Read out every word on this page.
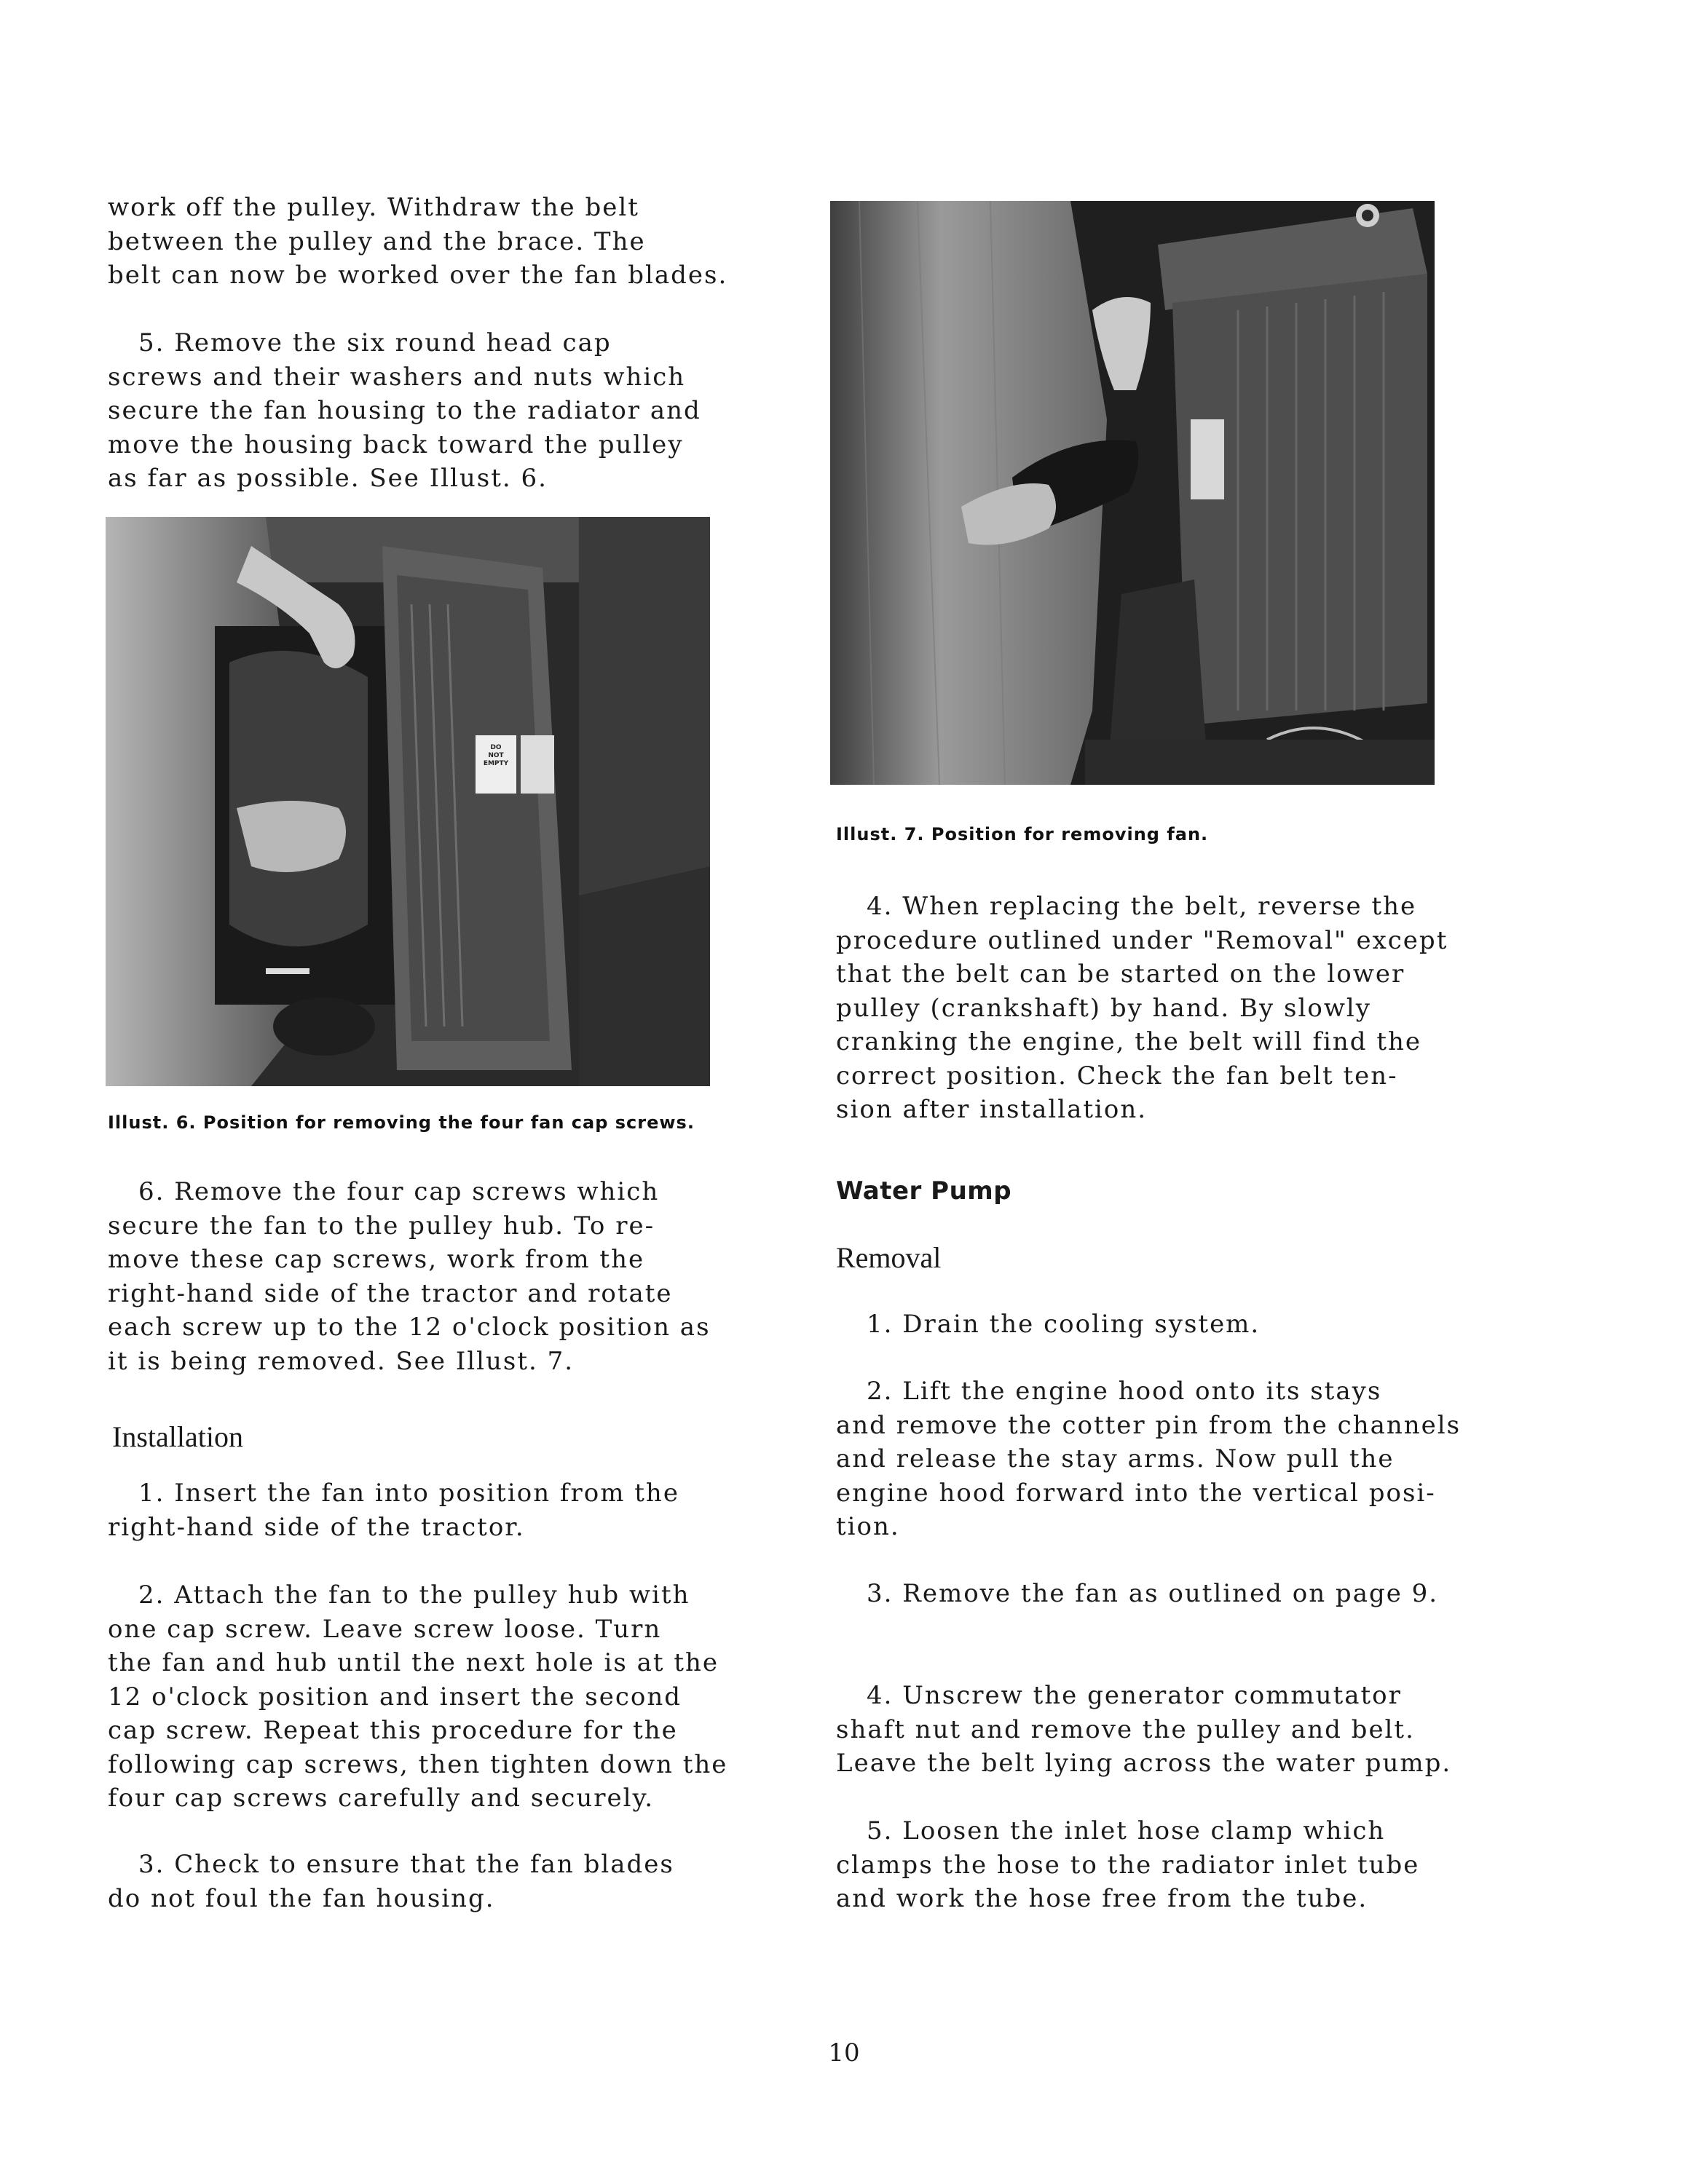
work off the pulley. Withdraw the belt
between the pulley and the brace. The
belt can now be worked over the fan blades.

5. Remove the six round head cap
screws and their washers and nuts which
secure the fan housing to the radiator and
move the housing back toward the pulley
as far as possible. See Illust. 6.

DO
NOT
EMPTY
Illust. 6. Position for removing the four fan cap screws.

6. Remove the four cap screws which
secure the fan to the pulley hub. To re-
move these cap screws, work from the
right-hand side of the tractor and rotate
each screw up to the 12 o'clock position as
it is being removed. See Illust. 7.

Installation

1. Insert the fan into position from the
right-hand side of the tractor.

2. Attach the fan to the pulley hub with
one cap screw. Leave screw loose. Turn
the fan and hub until the next hole is at the
12 o'clock position and insert the second
cap screw. Repeat this procedure for the
following cap screws, then tighten down the
four cap screws carefully and securely.

3. Check to ensure that the fan blades
do not foul the fan housing.

Illust. 7. Position for removing fan.

4. When replacing the belt, reverse the
procedure outlined under "Removal" except
that the belt can be started on the lower
pulley (crankshaft) by hand. By slowly
cranking the engine, the belt will find the
correct position. Check the fan belt ten-
sion after installation.

Water Pump
Removal

1. Drain the cooling system.

2. Lift the engine hood onto its stays
and remove the cotter pin from the channels
and release the stay arms. Now pull the
engine hood forward into the vertical posi-
tion.

3. Remove the fan as outlined on page 9.

4. Unscrew the generator commutator
shaft nut and remove the pulley and belt.
Leave the belt lying across the water pump.

5. Loosen the inlet hose clamp which
clamps the hose to the radiator inlet tube
and work the hose free from the tube.

10
